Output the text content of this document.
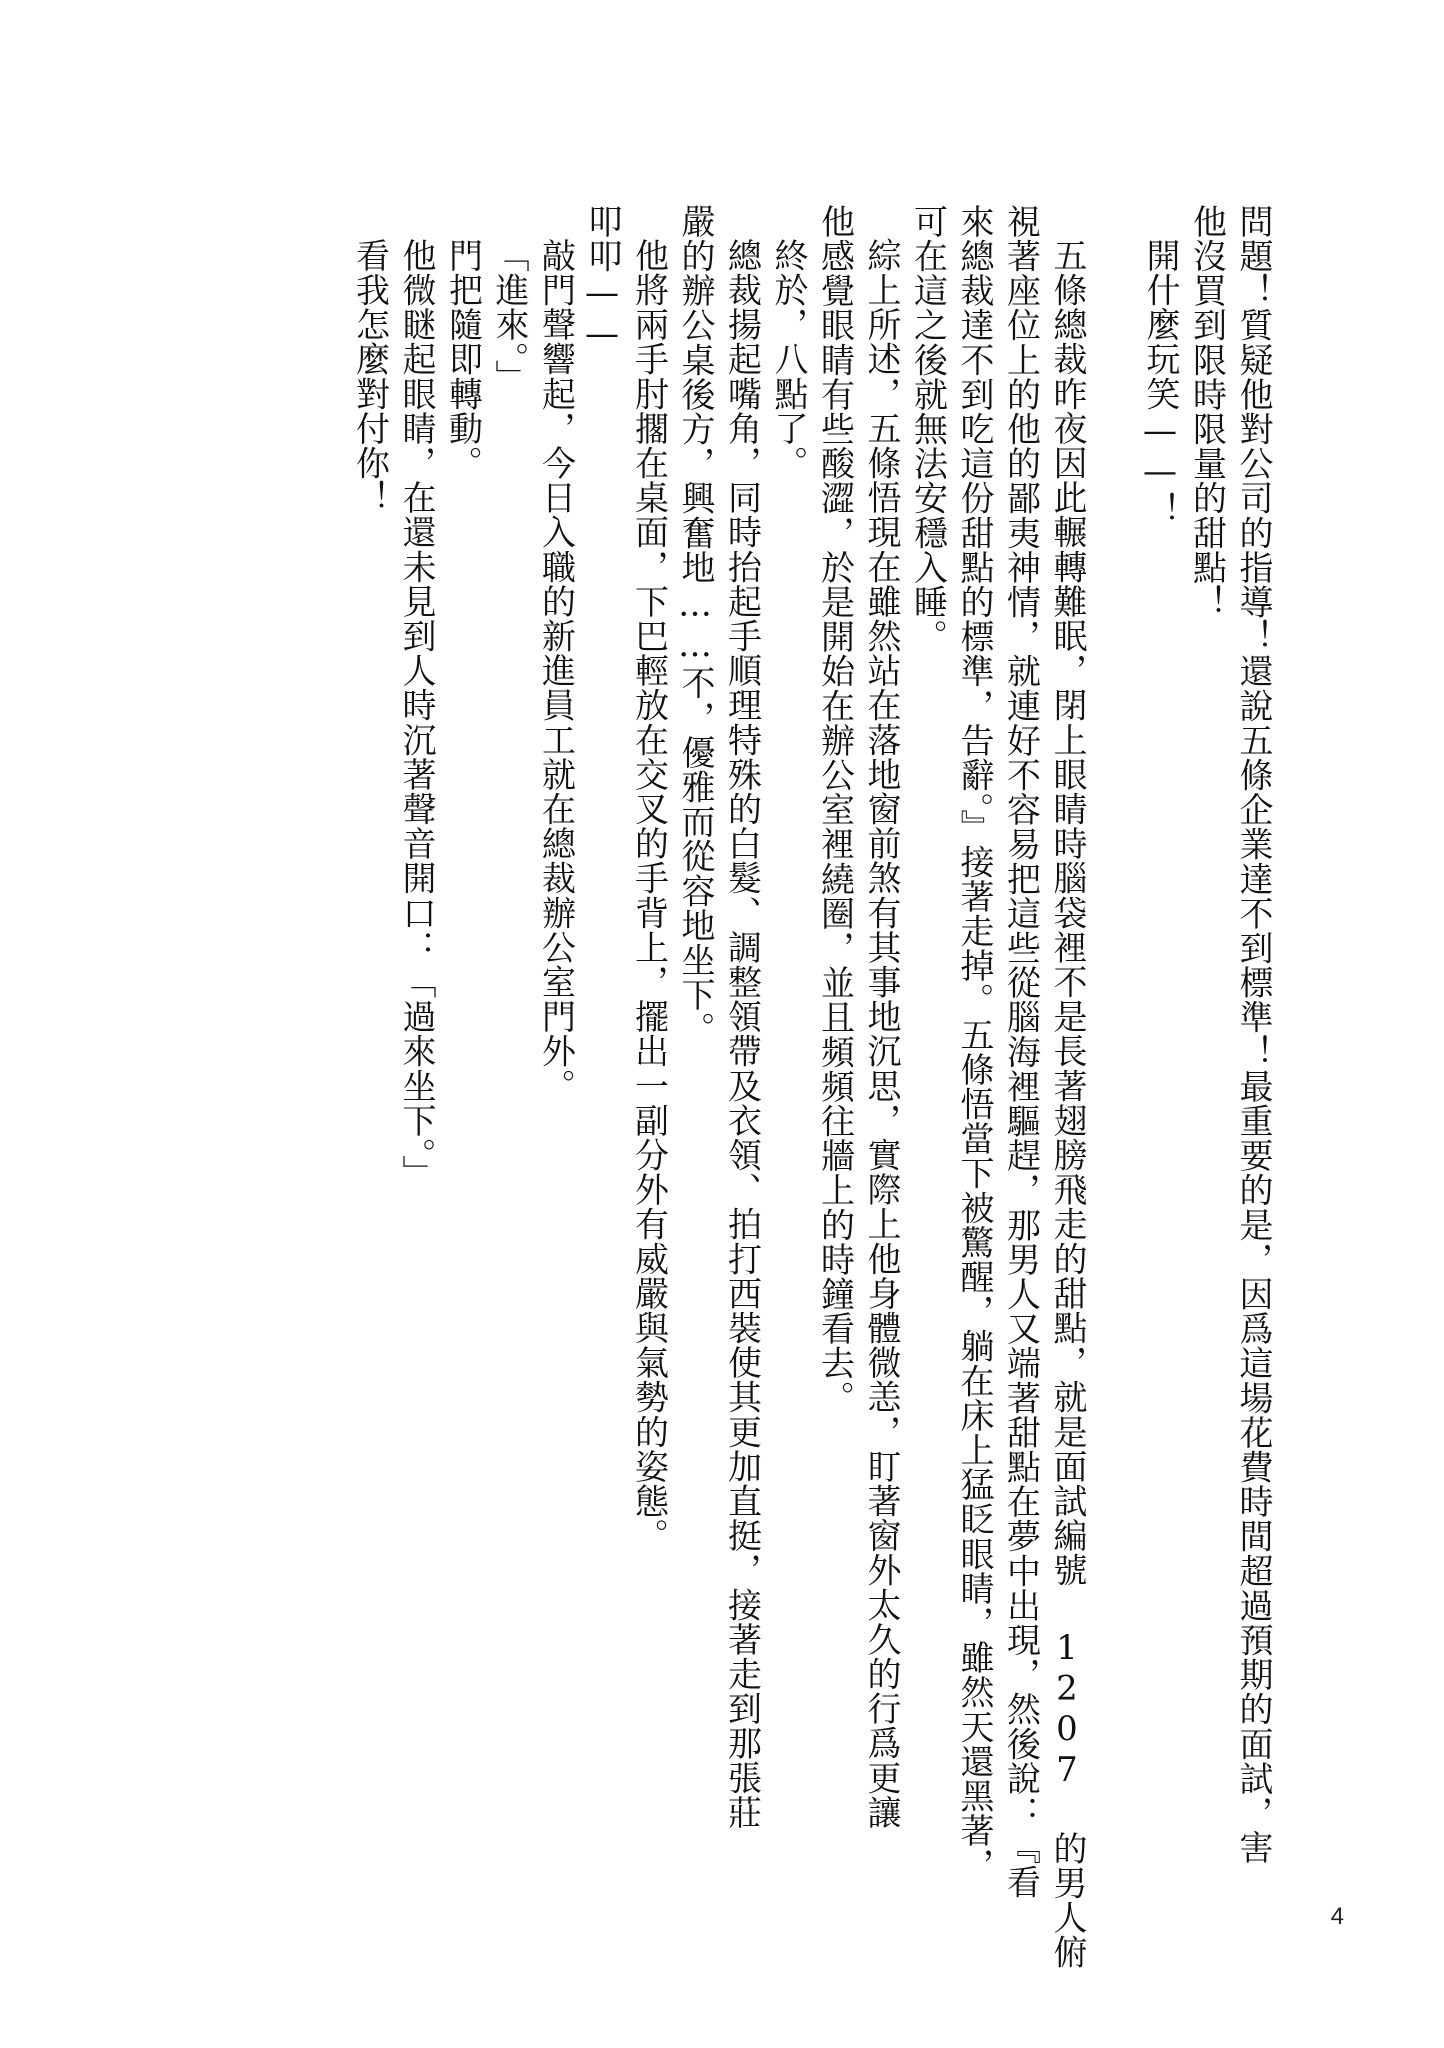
問題！質疑他對公司的指導！還說五條企業達不到標準！最重要的是，因爲這場花費時間超過預期的面試，害

他沒買到限時限量的甜點！

開什麼玩笑——！

五條總裁昨夜因此輾轉難眠，閉上眼睛時腦袋裡不是長著翅膀飛走的甜點，就是面試編號 1207 的男人俯

視著座位上的他的鄙夷神情，就連好不容易把這些從腦海裡驅趕，那男人又端著甜點在夢中出現，然後說：『看

來總裁達不到吃這份甜點的標準，告辭。』接著走掉。五條悟當下被驚醒，躺在床上猛眨眼睛，雖然天還黑著，

可在這之後就無法安穩入睡。

綜上所述，五條悟現在雖然站在落地窗前煞有其事地沉思，實際上他身體微恙，盯著窗外太久的行爲更讓

他感覺眼睛有些酸澀，於是開始在辦公室裡繞圈，並且頻頻往牆上的時鐘看去。

終於，八點了。

總裁揚起嘴角，同時抬起手順理特殊的白髮、調整領帶及衣領、拍打西裝使其更加直挺，接著走到那張莊

嚴的辦公桌後方，興奮地……不，優雅而從容地坐下。

他將兩手肘擱在桌面，下巴輕放在交叉的手背上，擺出一副分外有威嚴與氣勢的姿態。

叩叩——

敲門聲響起，今日入職的新進員工就在總裁辦公室門外。

「進來。」

門把隨即轉動。

他微瞇起眼睛，在還未見到人時沉著聲音開口：「過來坐下。」

看我怎麼對付你！

4
